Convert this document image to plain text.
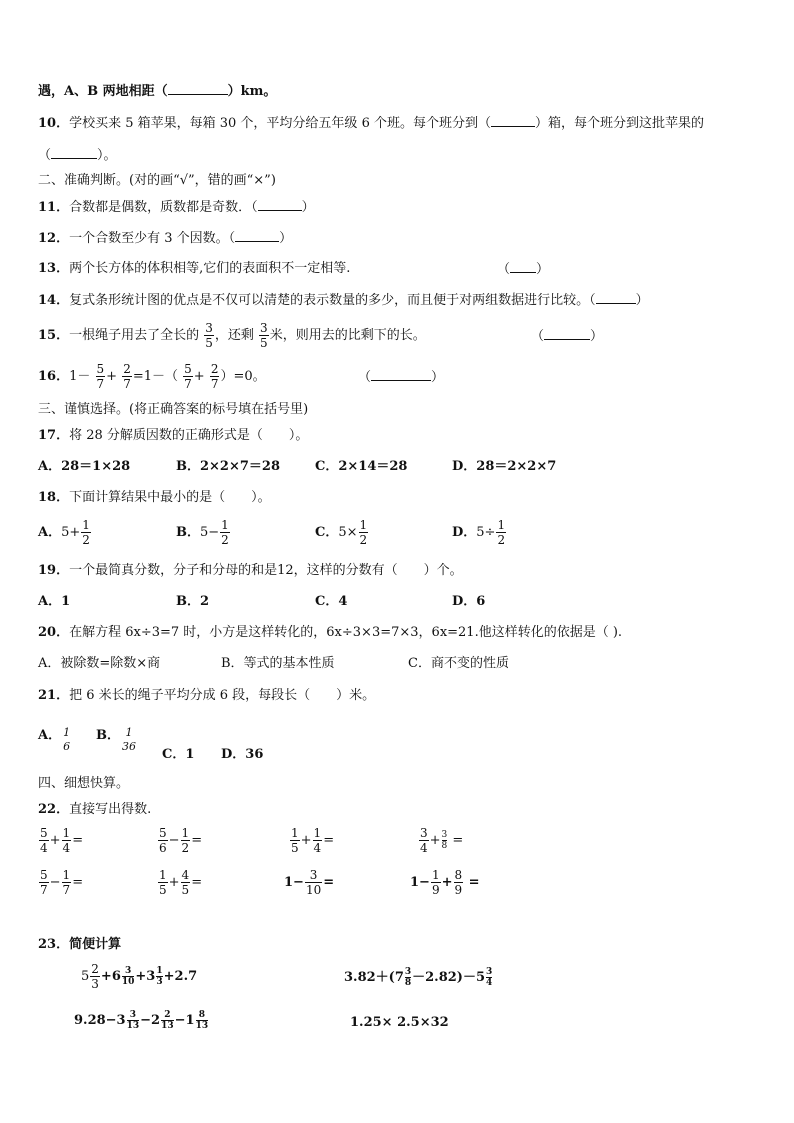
遇，A、B 两地相距（	）km。
10．学校买来 5 箱苹果，每箱 30 个，平均分给五年级 6 个班。每个班分到（	）箱，每个班分到这批苹果的
（	）。
二、准确判断。(对的画“√”，错的画“×”)
11．合数都是偶数，质数都是奇数．（	）
12．一个合数至少有 3 个因数。（	）
13．两个长方体的体积相等,它们的表面积不一定相等.	（ ）
14．复式条形统计图的优点是不仅可以清楚的表示数量的多少，而且便于对两组数据进行比较。（	）
15．一根绳子用去了全长的 $\frac{3}{5}$ ，还剩 $\frac{3}{5}$ 米，则用去的比剩下的长。	（	）
16．$1- \frac{5}{7} + \frac{2}{7} =1-( \frac{5}{7} + \frac{2}{7} )=0$。	（	）
三、谨慎选择。(将正确答案的标号填在括号里)
17．将 28 分解质因数的正确形式是（　　）。
A．28＝1×28	B．2×2×7＝28	C．2×14＝28	D．28＝2×2×7
18．下面计算结果中最小的是（　　）。
A．$5+ \frac{1}{2}$	B．$5- \frac{1}{2}$	C．$5\times \frac{1}{2}$	D．$5\div \frac{1}{2}$
19．一个最简真分数，分子和分母的和是12，这样的分数有（　　）个。
A．1	B．2	C．4	D．6
20．在解方程 6x÷3=7 时，小方是这样转化的，6x÷3×3=7×3，6x=21.他这样转化的依据是（ ).
A．被除数=除数×商	B．等式的基本性质	C．商不变的性质
21．把 6 米长的绳子平均分成 6 段，每段长（　　）米。
A． 1
6
B． 1
36
C．1 D．36
四、细想快算。
22．直接写出得数.
$\frac{5}{4} + \frac{1}{4}$ =	$\frac{5}{6} - \frac{1}{2}$ =	$\frac{1}{5} + \frac{1}{4}$ =	$\frac{3}{4} + \frac{3}{8}$ =
$\frac{5}{7} - \frac{1}{7}$ =	$\frac{1}{5} + \frac{4}{5}$ =	$1- \frac{3}{10}$ =	$1- \frac{1}{9} + \frac{8}{9}$ =
23．简便计算
$5 \frac{2}{3} +6 \frac{3}{10} +3 \frac{1}{3} +2.7$	$3.82+(7 \frac{3}{8} -2.82)-5 \frac{3}{4}$
$9.28-3 \frac{3}{13} -2 \frac{2}{13} -1 \frac{8}{13}$	1.25× 2.5×32
